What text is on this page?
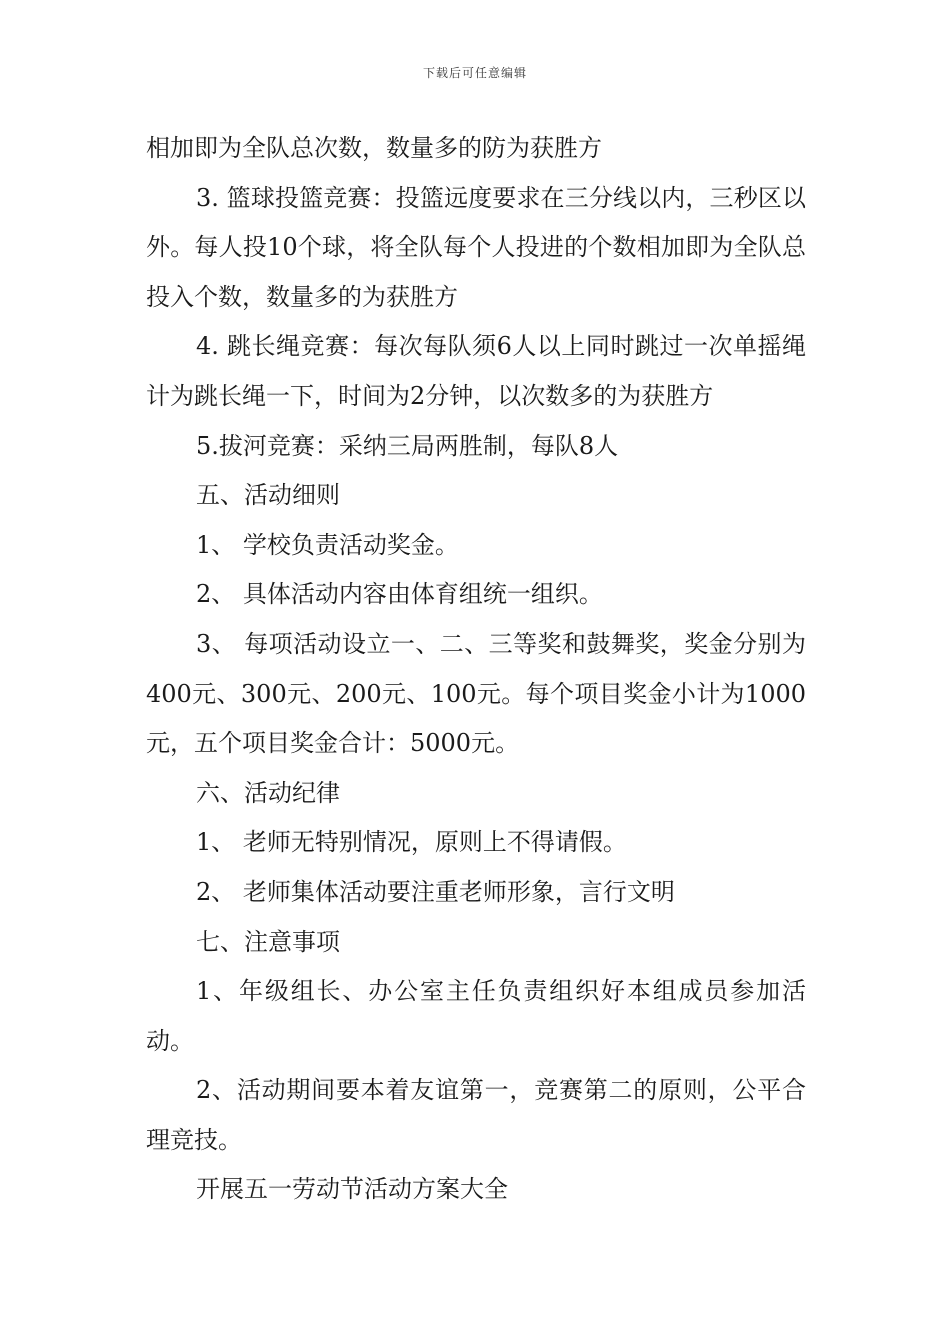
下载后可任意编辑

相加即为全队总次数，数量多的防为获胜方

3. 篮球投篮竞赛：投篮远度要求在三分线以内，三秒区以外。每人投10个球，将全队每个人投进的个数相加即为全队总投入个数，数量多的为获胜方

4. 跳长绳竞赛：每次每队须6人以上同时跳过一次单摇绳计为跳长绳一下，时间为2分钟，以次数多的为获胜方

5.拔河竞赛：采纳三局两胜制，每队8人

五、活动细则

1、 学校负责活动奖金。

2、 具体活动内容由体育组统一组织。

3、 每项活动设立一、二、三等奖和鼓舞奖，奖金分别为400元、300元、200元、100元。每个项目奖金小计为1000元，五个项目奖金合计：5000元。

六、活动纪律

1、 老师无特别情况，原则上不得请假。

2、 老师集体活动要注重老师形象，言行文明

七、注意事项

1、年级组长、办公室主任负责组织好本组成员参加活动。

2、活动期间要本着友谊第一，竞赛第二的原则，公平合理竞技。

开展五一劳动节活动方案大全
